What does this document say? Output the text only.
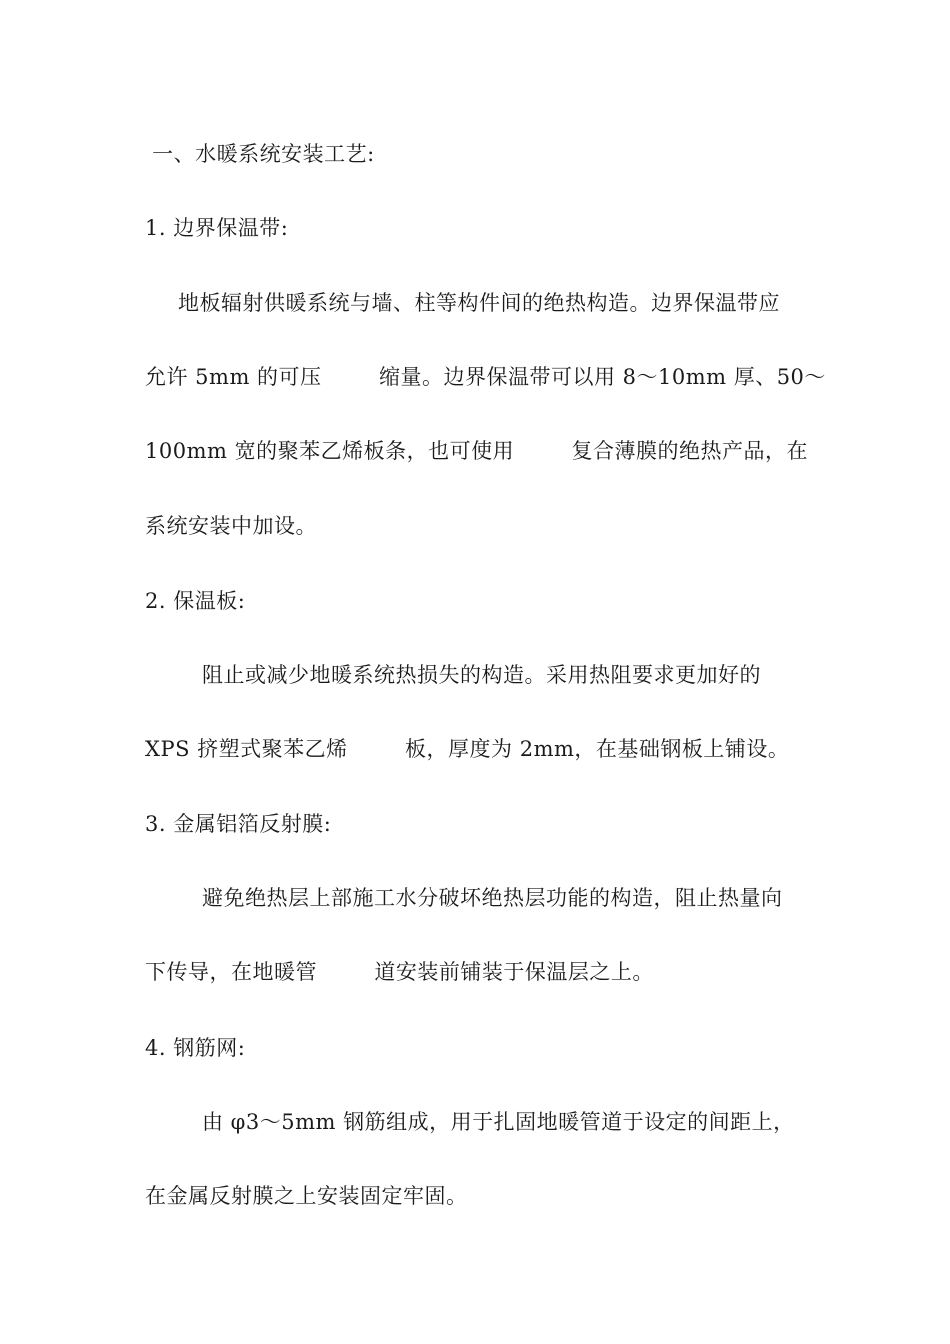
一、水暖系统安装工艺:
1. 边界保温带:
地板辐射供暖系统与墙、柱等构件间的绝热构造。边界保温带应
允许 5mm 的可压        缩量。边界保温带可以用 8～10mm 厚、50～
100mm 宽的聚苯乙烯板条，也可使用        复合薄膜的绝热产品，在
系统安装中加设。
2. 保温板:
阻止或减少地暖系统热损失的构造。采用热阻要求更加好的
XPS 挤塑式聚苯乙烯        板，厚度为 2mm，在基础钢板上铺设。
3. 金属铝箔反射膜:
避免绝热层上部施工水分破坏绝热层功能的构造，阻止热量向
下传导，在地暖管        道安装前铺装于保温层之上。
4. 钢筋网:
由 φ3～5mm 钢筋组成，用于扎固地暖管道于设定的间距上，
在金属反射膜之上安装固定牢固。
